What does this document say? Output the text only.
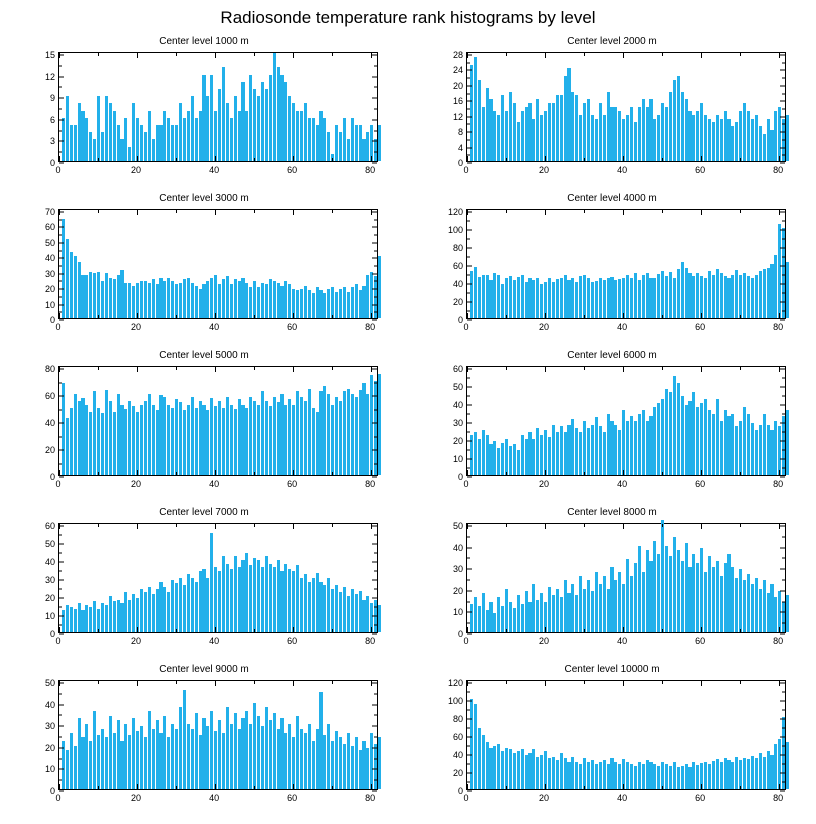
Radiosonde temperature rank histograms by level
Center level 1000 m
0	20	40	60	80
0
3
6
9
12
15
Center level 2000 m
0	20	40	60	80
0
4
8
12
16
20
24
28
Center level 3000 m
0	20	40	60	80
0
10
20
30
40
50
60
70
Center level 4000 m
0	20	40	60	80
0
20
40
60
80
100
120
Center level 5000 m
0	20	40	60	80
0
20
40
60
80
Center level 6000 m
0	20	40	60	80
0
10
20
30
40
50
60
Center level 7000 m
0	20	40	60	80
0
10
20
30
40
50
60
Center level 8000 m
0	20	40	60	80
0
10
20
30
40
50
Center level 9000 m
0	20	40	60	80
0
10
20
30
40
50
Center level 10000 m
0	20	40	60	80
0
20
40
60
80
100
120
